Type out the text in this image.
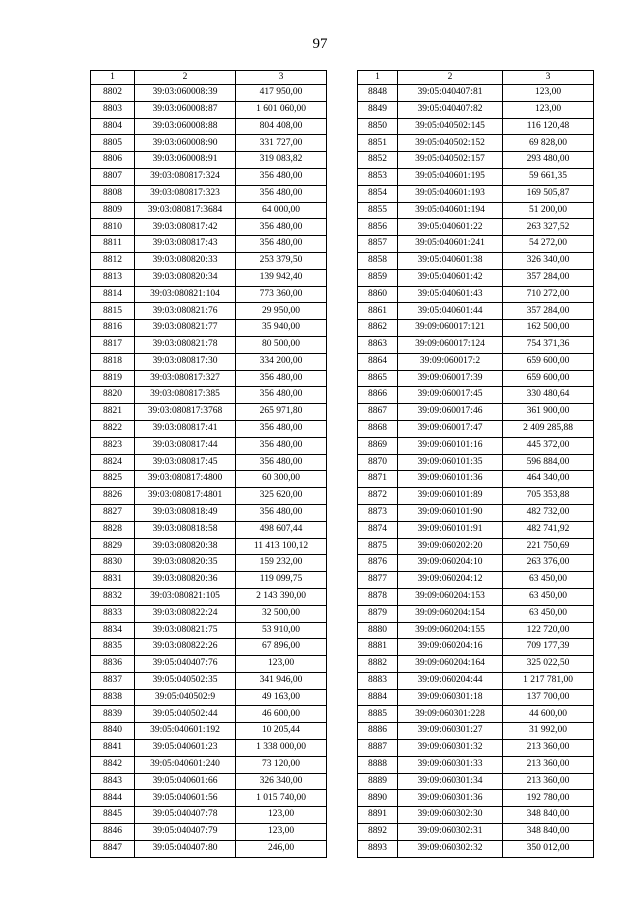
97
1	2	3
8802	39:03:060008:39	417 950,00
8803	39:03:060008:87	1 601 060,00
8804	39:03:060008:88	804 408,00
8805	39:03:060008:90	331 727,00
8806	39:03:060008:91	319 083,82
8807	39:03:080817:324	356 480,00
8808	39:03:080817:323	356 480,00
8809	39:03:080817:3684	64 000,00
8810	39:03:080817:42	356 480,00
8811	39:03:080817:43	356 480,00
8812	39:03:080820:33	253 379,50
8813	39:03:080820:34	139 942,40
8814	39:03:080821:104	773 360,00
8815	39:03:080821:76	29 950,00
8816	39:03:080821:77	35 940,00
8817	39:03:080821:78	80 500,00
8818	39:03:080817:30	334 200,00
8819	39:03:080817:327	356 480,00
8820	39:03:080817:385	356 480,00
8821	39:03:080817:3768	265 971,80
8822	39:03:080817:41	356 480,00
8823	39:03:080817:44	356 480,00
8824	39:03:080817:45	356 480,00
8825	39:03:080817:4800	60 300,00
8826	39:03:080817:4801	325 620,00
8827	39:03:080818:49	356 480,00
8828	39:03:080818:58	498 607,44
8829	39:03:080820:38	11 413 100,12
8830	39:03:080820:35	159 232,00
8831	39:03:080820:36	119 099,75
8832	39:03:080821:105	2 143 390,00
8833	39:03:080822:24	32 500,00
8834	39:03:080821:75	53 910,00
8835	39:03:080822:26	67 896,00
8836	39:05:040407:76	123,00
8837	39:05:040502:35	341 946,00
8838	39:05:040502:9	49 163,00
8839	39:05:040502:44	46 600,00
8840	39:05:040601:192	10 205,44
8841	39:05:040601:23	1 338 000,00
8842	39:05:040601:240	73 120,00
8843	39:05:040601:66	326 340,00
8844	39:05:040601:56	1 015 740,00
8845	39:05:040407:78	123,00
8846	39:05:040407:79	123,00
8847	39:05:040407:80	246,00
1	2	3
8848	39:05:040407:81	123,00
8849	39:05:040407:82	123,00
8850	39:05:040502:145	116 120,48
8851	39:05:040502:152	69 828,00
8852	39:05:040502:157	293 480,00
8853	39:05:040601:195	59 661,35
8854	39:05:040601:193	169 505,87
8855	39:05:040601:194	51 200,00
8856	39:05:040601:22	263 327,52
8857	39:05:040601:241	54 272,00
8858	39:05:040601:38	326 340,00
8859	39:05:040601:42	357 284,00
8860	39:05:040601:43	710 272,00
8861	39:05:040601:44	357 284,00
8862	39:09:060017:121	162 500,00
8863	39:09:060017:124	754 371,36
8864	39:09:060017:2	659 600,00
8865	39:09:060017:39	659 600,00
8866	39:09:060017:45	330 480,64
8867	39:09:060017:46	361 900,00
8868	39:09:060017:47	2 409 285,88
8869	39:09:060101:16	445 372,00
8870	39:09:060101:35	596 884,00
8871	39:09:060101:36	464 340,00
8872	39:09:060101:89	705 353,88
8873	39:09:060101:90	482 732,00
8874	39:09:060101:91	482 741,92
8875	39:09:060202:20	221 750,69
8876	39:09:060204:10	263 376,00
8877	39:09:060204:12	63 450,00
8878	39:09:060204:153	63 450,00
8879	39:09:060204:154	63 450,00
8880	39:09:060204:155	122 720,00
8881	39:09:060204:16	709 177,39
8882	39:09:060204:164	325 022,50
8883	39:09:060204:44	1 217 781,00
8884	39:09:060301:18	137 700,00
8885	39:09:060301:228	44 600,00
8886	39:09:060301:27	31 992,00
8887	39:09:060301:32	213 360,00
8888	39:09:060301:33	213 360,00
8889	39:09:060301:34	213 360,00
8890	39:09:060301:36	192 780,00
8891	39:09:060302:30	348 840,00
8892	39:09:060302:31	348 840,00
8893	39:09:060302:32	350 012,00
